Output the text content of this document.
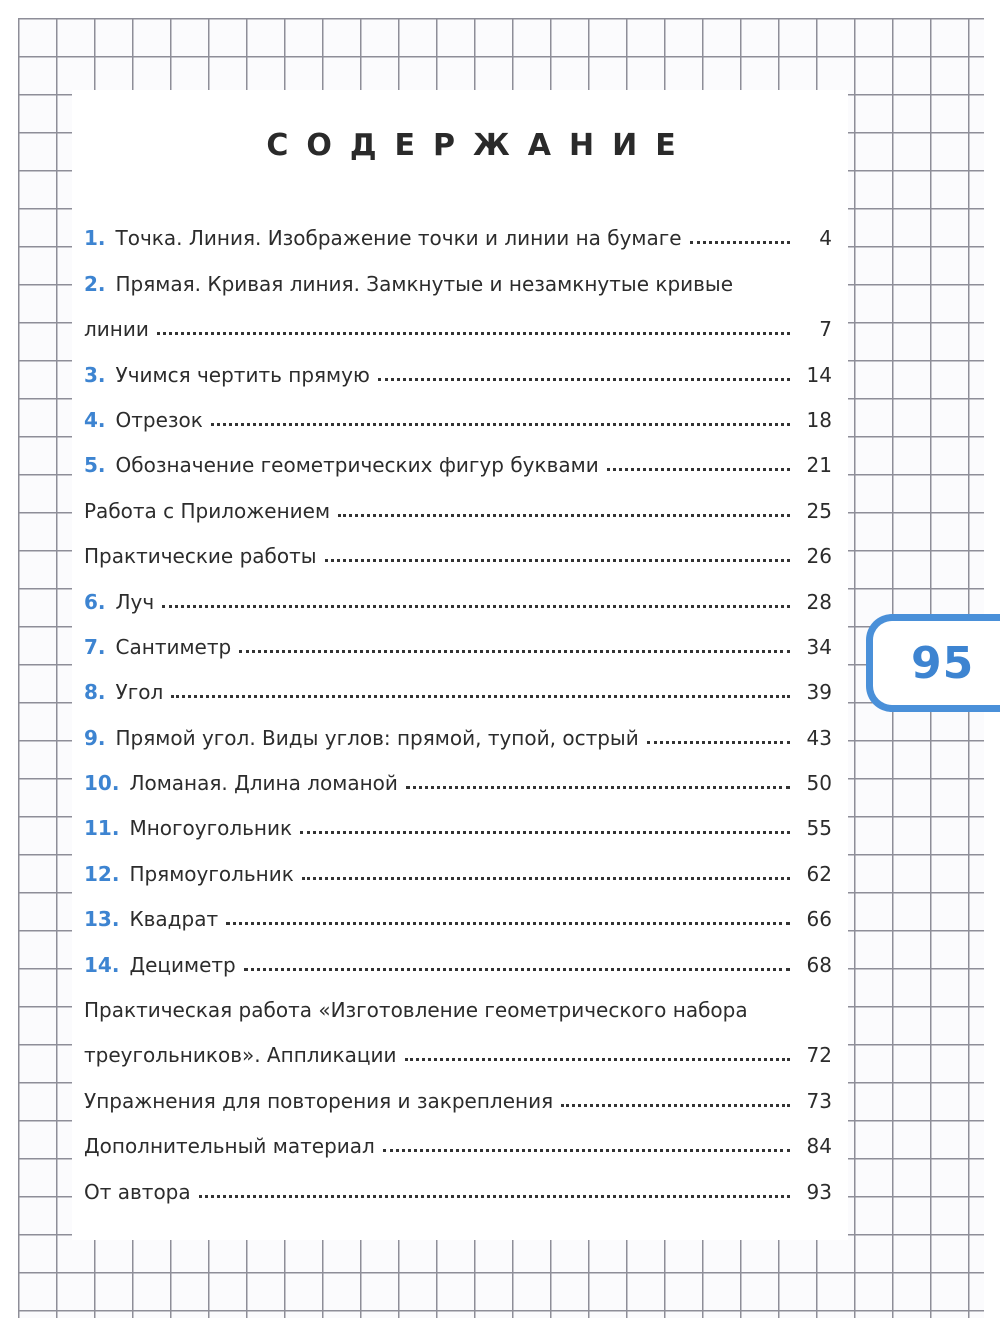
95
СОДЕРЖАНИЕ
1. Точка. Линия. Изображение точки и линии на бумаге	4
2. Прямая. Кривая линия. Замкнутые и незамкнутые кривые
линии	7
3. Учимся чертить прямую	14
4. Отрезок	18
5. Обозначение геометрических фигур буквами	21
Работа с Приложением	25
Практические работы	26
6. Луч	28
7. Сантиметр	34
8. Угол	39
9. Прямой угол. Виды углов: прямой, тупой, острый	43
10. Ломаная. Длина ломаной	50
11. Многоугольник	55
12. Прямоугольник	62
13. Квадрат	66
14. Дециметр	68
Практическая работа «Изготовление геометрического набора
треугольников». Аппликации	72
Упражнения для повторения и закрепления	73
Дополнительный материал	84
От автора	93
